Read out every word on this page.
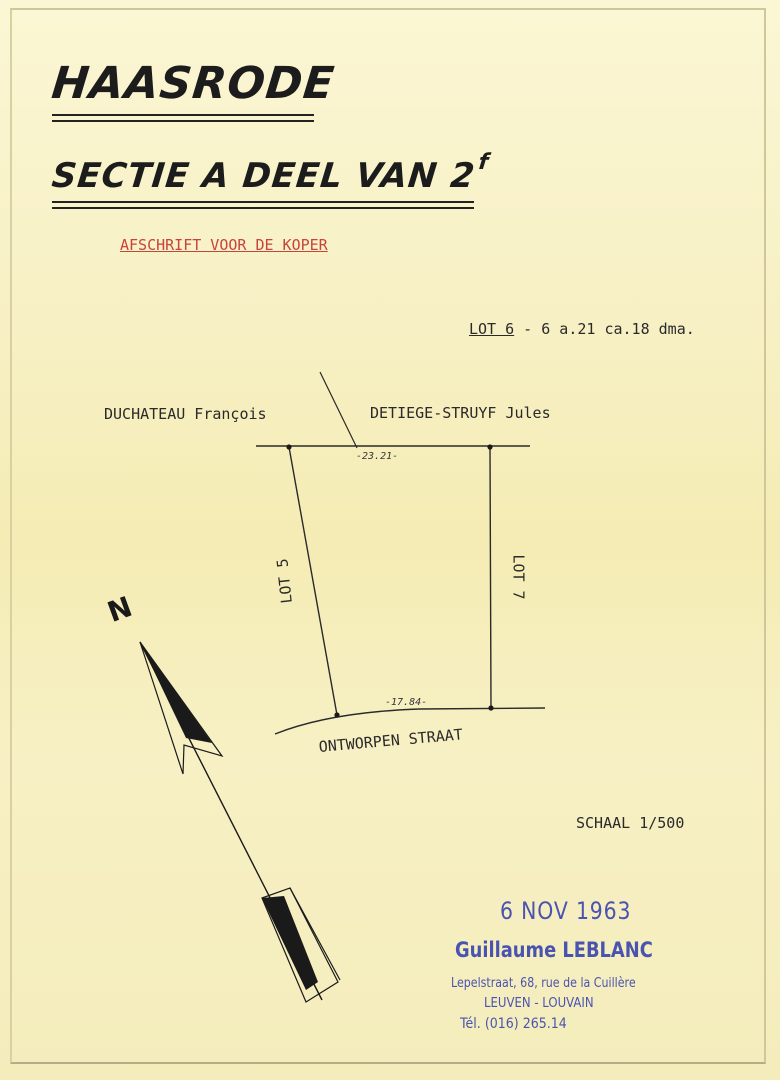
HAASRODE
SECTIE A DEEL VAN 2$^f$
AFSCHRIFT VOOR DE KOPER
LOT 6 - 6 a.21 ca.18 dma.
DUCHATEAU François	DETIEGE-STRUYF Jules
LOT 5	LOT 7
-23.21-
-17.84-
ONTWORPEN STRAAT
N
SCHAAL 1/500
6 NOV 1963
Guillaume LEBLANC
Lepelstraat, 68, rue de la Cuillère
LEUVEN - LOUVAIN
Tél. (016) 265.14
